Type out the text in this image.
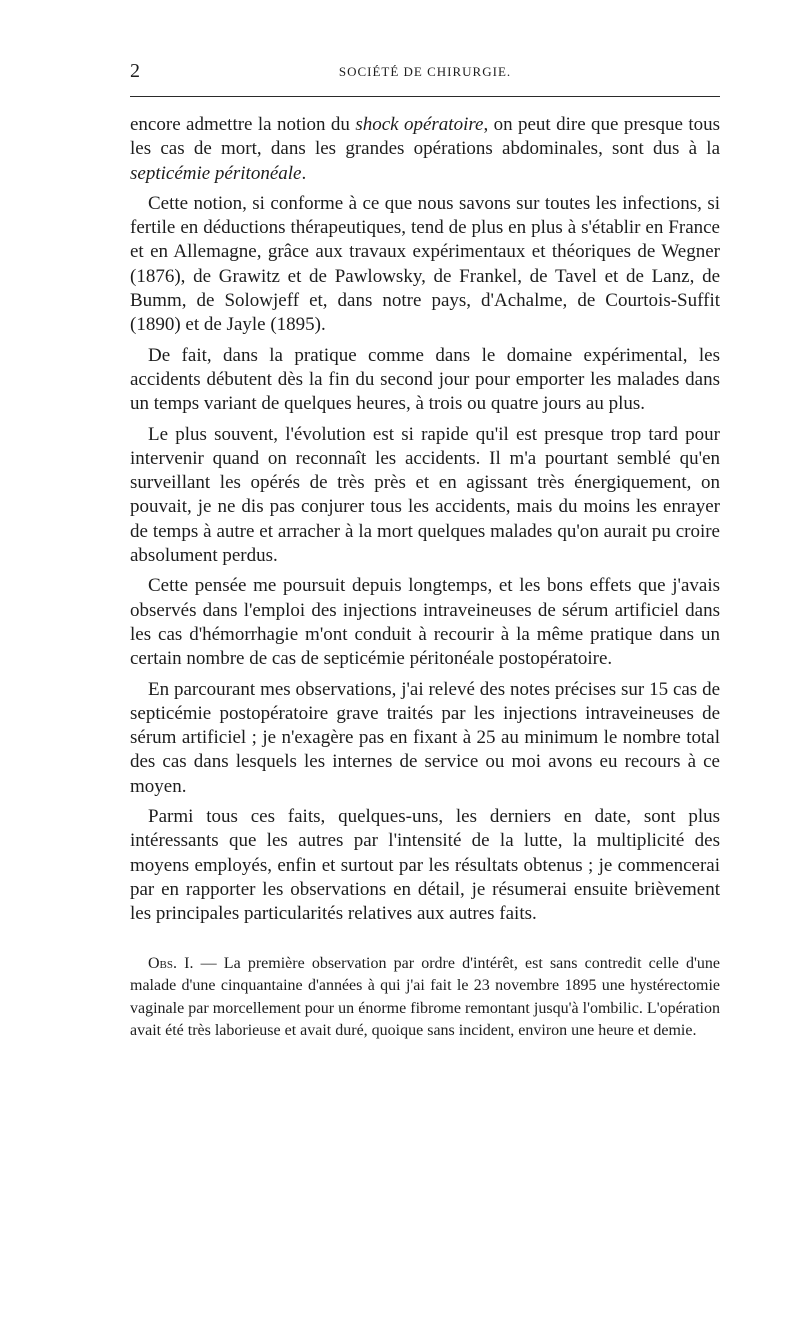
2	SOCIÉTÉ DE CHIRURGIE.

encore admettre la notion du shock opératoire, on peut dire que presque tous les cas de mort, dans les grandes opérations abdominales, sont dus à la septicémie péritonéale.

Cette notion, si conforme à ce que nous savons sur toutes les infections, si fertile en déductions thérapeutiques, tend de plus en plus à s'établir en France et en Allemagne, grâce aux travaux expérimentaux et théoriques de Wegner (1876), de Grawitz et de Pawlowsky, de Frankel, de Tavel et de Lanz, de Bumm, de Solowjeff et, dans notre pays, d'Achalme, de Courtois-Suffit (1890) et de Jayle (1895).

De fait, dans la pratique comme dans le domaine expérimental, les accidents débutent dès la fin du second jour pour emporter les malades dans un temps variant de quelques heures, à trois ou quatre jours au plus.

Le plus souvent, l'évolution est si rapide qu'il est presque trop tard pour intervenir quand on reconnaît les accidents. Il m'a pourtant semblé qu'en surveillant les opérés de très près et en agissant très énergiquement, on pouvait, je ne dis pas conjurer tous les accidents, mais du moins les enrayer de temps à autre et arracher à la mort quelques malades qu'on aurait pu croire absolument perdus.

Cette pensée me poursuit depuis longtemps, et les bons effets que j'avais observés dans l'emploi des injections intraveineuses de sérum artificiel dans les cas d'hémorrhagie m'ont conduit à recourir à la même pratique dans un certain nombre de cas de septicémie péritonéale postopératoire.

En parcourant mes observations, j'ai relevé des notes précises sur 15 cas de septicémie postopératoire grave traités par les injections intraveineuses de sérum artificiel ; je n'exagère pas en fixant à 25 au minimum le nombre total des cas dans lesquels les internes de service ou moi avons eu recours à ce moyen.

Parmi tous ces faits, quelques-uns, les derniers en date, sont plus intéressants que les autres par l'intensité de la lutte, la multiplicité des moyens employés, enfin et surtout par les résultats obtenus ; je commencerai par en rapporter les observations en détail, je résumerai ensuite brièvement les principales particularités relatives aux autres faits.

Obs. I. — La première observation par ordre d'intérêt, est sans contredit celle d'une malade d'une cinquantaine d'années à qui j'ai fait le 23 novembre 1895 une hystérectomie vaginale par morcellement pour un énorme fibrome remontant jusqu'à l'ombilic. L'opération avait été très laborieuse et avait duré, quoique sans incident, environ une heure et demie.
